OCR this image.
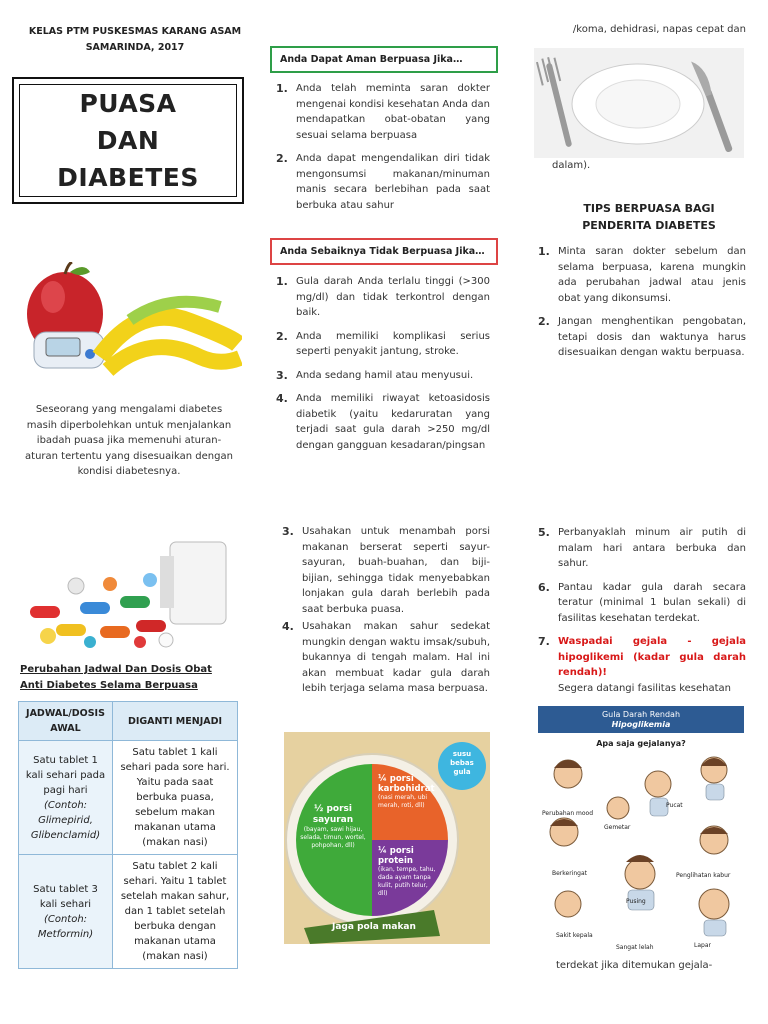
KELAS PTM PUSKESMAS KARANG ASAM
SAMARINDA, 2017
PUASA
DAN
DIABETES
Seseorang yang mengalami diabetes masih diperbolehkan untuk menjalankan ibadah puasa jika memenuhi aturan-aturan tertentu yang disesuaikan dengan kondisi diabetesnya.
Perubahan Jadwal Dan Dosis Obat Anti Diabetes Selama Berpuasa
JADWAL/DOSIS AWAL	DIGANTI MENJADI
Satu tablet 1 kali sehari pada pagi hari
(Contoh: Glimepirid, Glibenclamid)	Satu tablet 1 kali sehari pada sore hari. Yaitu pada saat berbuka puasa, sebelum makan makanan utama (makan nasi)
Satu tablet 3 kali sehari
(Contoh: Metformin)	Satu tablet 2 kali sehari. Yaitu 1 tablet setelah makan sahur, dan 1 tablet setelah berbuka dengan makanan utama (makan nasi)
Anda Dapat Aman Berpuasa Jika…
1. Anda telah meminta saran dokter mengenai kondisi kesehatan Anda dan mendapatkan obat-obatan yang sesuai selama berpuasa
2. Anda dapat mengendalikan diri tidak mengonsumsi makanan/minuman manis secara berlebihan pada saat berbuka atau sahur
Anda Sebaiknya Tidak Berpuasa Jika…
1. Gula darah Anda terlalu tinggi (>300 mg/dl) dan tidak terkontrol dengan baik.
2. Anda memiliki komplikasi serius seperti penyakit jantung, stroke.
3. Anda sedang hamil atau menyusui.
4. Anda memiliki riwayat ketoasidosis diabetik (yaitu kedaruratan yang terjadi saat gula darah >250 mg/dl dengan gangguan kesadaran/pingsan
3. Usahakan untuk menambah porsi makanan berserat seperti sayur-sayuran, buah-buahan, dan biji-bijian, sehingga tidak menyebabkan lonjakan gula darah berlebih pada saat berbuka puasa.
4. Usahakan makan sahur sedekat mungkin dengan waktu imsak/subuh, bukannya di tengah malam. Hal ini akan membuat kadar gula darah lebih terjaga selama masa berpuasa.
susu bebas gula
½ porsi sayuran
(bayam, sawi hijau, selada, timun, wortel, pohpohan, dll)
¼ porsi karbohidrat
(nasi merah, ubi merah, roti, dll)
¼ porsi protein
(ikan, tempe, tahu, dada ayam tanpa kulit, putih telur, dll)
Jaga pola makan
/koma, dehidrasi, napas cepat dan
dalam).
TIPS BERPUASA BAGI PENDERITA DIABETES
1. Minta saran dokter sebelum dan selama berpuasa, karena mungkin ada perubahan jadwal atau jenis obat yang dikonsumsi.
2. Jangan menghentikan pengobatan, tetapi dosis dan waktunya harus disesuaikan dengan waktu berpuasa.
5. Perbanyaklah minum air putih di malam hari antara berbuka dan sahur.
6. Pantau kadar gula darah secara teratur (minimal 1 bulan sekali) di fasilitas kesehatan terdekat.
7. Waspadai gejala - gejala hipoglikemi (kadar gula darah rendah)!
Segera datangi fasilitas kesehatan
Gula Darah Rendah
Hipoglikemia
Apa saja gejalanya?
Perubahan mood
Pucat
Gemetar
Berkeringat	Penglihatan kabur
Pusing
Sakit kepala
Sangat lelah	Lapar
terdekat jika ditemukan gejala-
